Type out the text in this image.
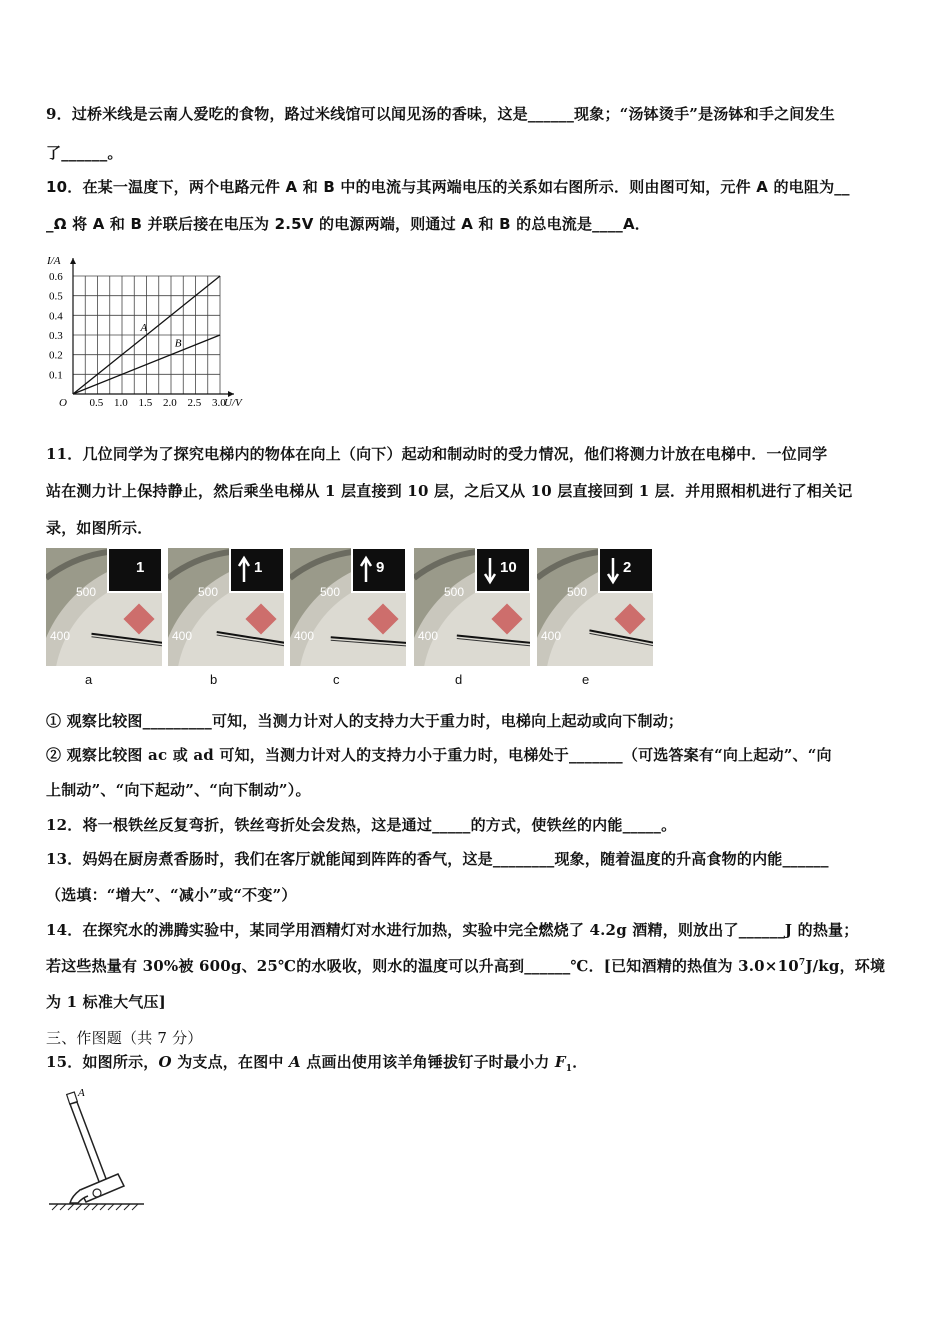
9．过桥米线是云南人爱吃的食物，路过米线馆可以闻见汤的香味，这是______现象；“汤钵烫手”是汤钵和手之间发生
了______。
10．在某一温度下，两个电路元件 A 和 B 中的电流与其两端电压的关系如右图所示．则由图可知，元件 A 的电阻为__
_Ω 将 A 和 B 并联后接在电压为 2.5V 的电源两端，则通过 A 和 B 的总电流是____A．
0.5 1.0 1.5 2.0 2.5 3.0
0.1
0.2
0.3
0.4
0.5
0.6
O	U/V
I/A
A
B
11．几位同学为了探究电梯内的物体在向上（向下）起动和制动时的受力情况，他们将测力计放在电梯中．一位同学
站在测力计上保持静止，然后乘坐电梯从 1 层直接到 10 层，之后又从 10 层直接回到 1 层．并用照相机进行了相关记
录，如图所示．
500
400
1
a
500
400
1
b
500
400
9
c
500
400
10
d
500
400
2
e
① 观察比较图_________可知，当测力计对人的支持力大于重力时，电梯向上起动或向下制动；
② 观察比较图 ac 或 ad 可知，当测力计对人的支持力小于重力时，电梯处于_______（可选答案有“向上起动”、“向
上制动”、“向下起动”、“向下制动”）。
12．将一根铁丝反复弯折，铁丝弯折处会发热，这是通过_____的方式，使铁丝的内能_____。
13．妈妈在厨房煮香肠时，我们在客厅就能闻到阵阵的香气，这是________现象，随着温度的升高食物的内能______
（选填：“增大”、“减小”或“不变”）
14．在探究水的沸腾实验中，某同学用酒精灯对水进行加热，实验中完全燃烧了 4.2g 酒精，则放出了______J 的热量；
若这些热量有 30%被 600g、25℃的水吸收，则水的温度可以升高到______℃．[已知酒精的热值为 $3.0\times 10^7J/kg$，环境
为 1 标准大气压]
三、作图题（共 7 分）
15．如图所示，O 为支点，在图中 A 点画出使用该羊角锤拔钉子时最小力 $F_1$．
A
